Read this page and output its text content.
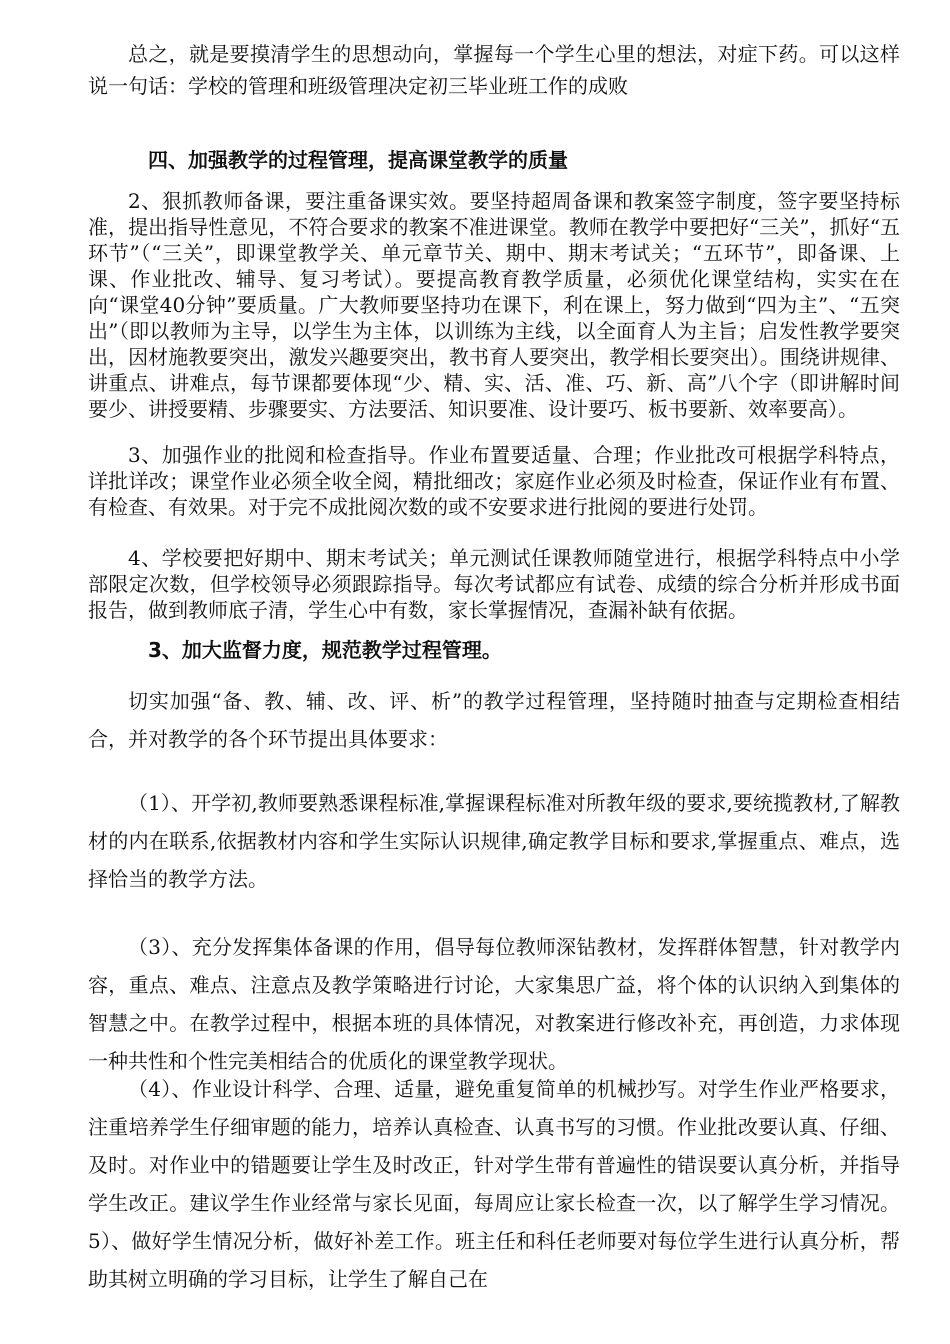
总之，就是要摸清学生的思想动向，掌握每一个学生心里的想法，对症下药。可以这样说一句话：学校的管理和班级管理决定初三毕业班工作的成败

四、加强教学的过程管理，提高课堂教学的质量

2、狠抓教师备课，要注重备课实效。要坚持超周备课和教案签字制度，签字要坚持标准，提出指导性意见，不符合要求的教案不准进课堂。教师在教学中要把好“三关”，抓好“五环节”（“三关”，即课堂教学关、单元章节关、期中、期末考试关；“五环节”，即备课、上课、作业批改、辅导、复习考试）。要提高教育教学质量，必须优化课堂结构，实实在在向“课堂40分钟”要质量。广大教师要坚持功在课下，利在课上，努力做到“四为主”、“五突出”（即以教师为主导，以学生为主体，以训练为主线，以全面育人为主旨；启发性教学要突出，因材施教要突出，激发兴趣要突出，教书育人要突出，教学相长要突出）。围绕讲规律、讲重点、讲难点，每节课都要体现“少、精、实、活、准、巧、新、高”八个字（即讲解时间要少、讲授要精、步骤要实、方法要活、知识要准、设计要巧、板书要新、效率要高）。

3、加强作业的批阅和检查指导。作业布置要适量、合理；作业批改可根据学科特点，详批详改；课堂作业必须全收全阅，精批细改；家庭作业必须及时检查，保证作业有布置、有检查、有效果。对于完不成批阅次数的或不安要求进行批阅的要进行处罚。

4、学校要把好期中、期末考试关；单元测试任课教师随堂进行，根据学科特点中小学部限定次数，但学校领导必须跟踪指导。每次考试都应有试卷、成绩的综合分析并形成书面报告，做到教师底子清，学生心中有数，家长掌握情况，查漏补缺有依据。

3、加大监督力度，规范教学过程管理。

切实加强“备、教、辅、改、评、析”的教学过程管理，坚持随时抽查与定期检查相结合，并对教学的各个环节提出具体要求：

（1）、开学初,教师要熟悉课程标准,掌握课程标准对所教年级的要求,要统揽教材,了解教材的内在联系,依据教材内容和学生实际认识规律,确定教学目标和要求,掌握重点、难点，选择恰当的教学方法。

（3）、充分发挥集体备课的作用，倡导每位教师深钻教材，发挥群体智慧，针对教学内容，重点、难点、注意点及教学策略进行讨论，大家集思广益，将个体的认识纳入到集体的智慧之中。在教学过程中，根据本班的具体情况，对教案进行修改补充，再创造，力求体现一种共性和个性完美相结合的优质化的课堂教学现状。

（4）、作业设计科学、合理、适量，避免重复简单的机械抄写。对学生作业严格要求，注重培养学生仔细审题的能力，培养认真检查、认真书写的习惯。作业批改要认真、仔细、及时。对作业中的错题要让学生及时改正，针对学生带有普遍性的错误要认真分析，并指导学生改正。建议学生作业经常与家长见面，每周应让家长检查一次，以了解学生学习情况。5）、做好学生情况分析，做好补差工作。班主任和科任老师要对每位学生进行认真分析，帮助其树立明确的学习目标，让学生了解自己在
